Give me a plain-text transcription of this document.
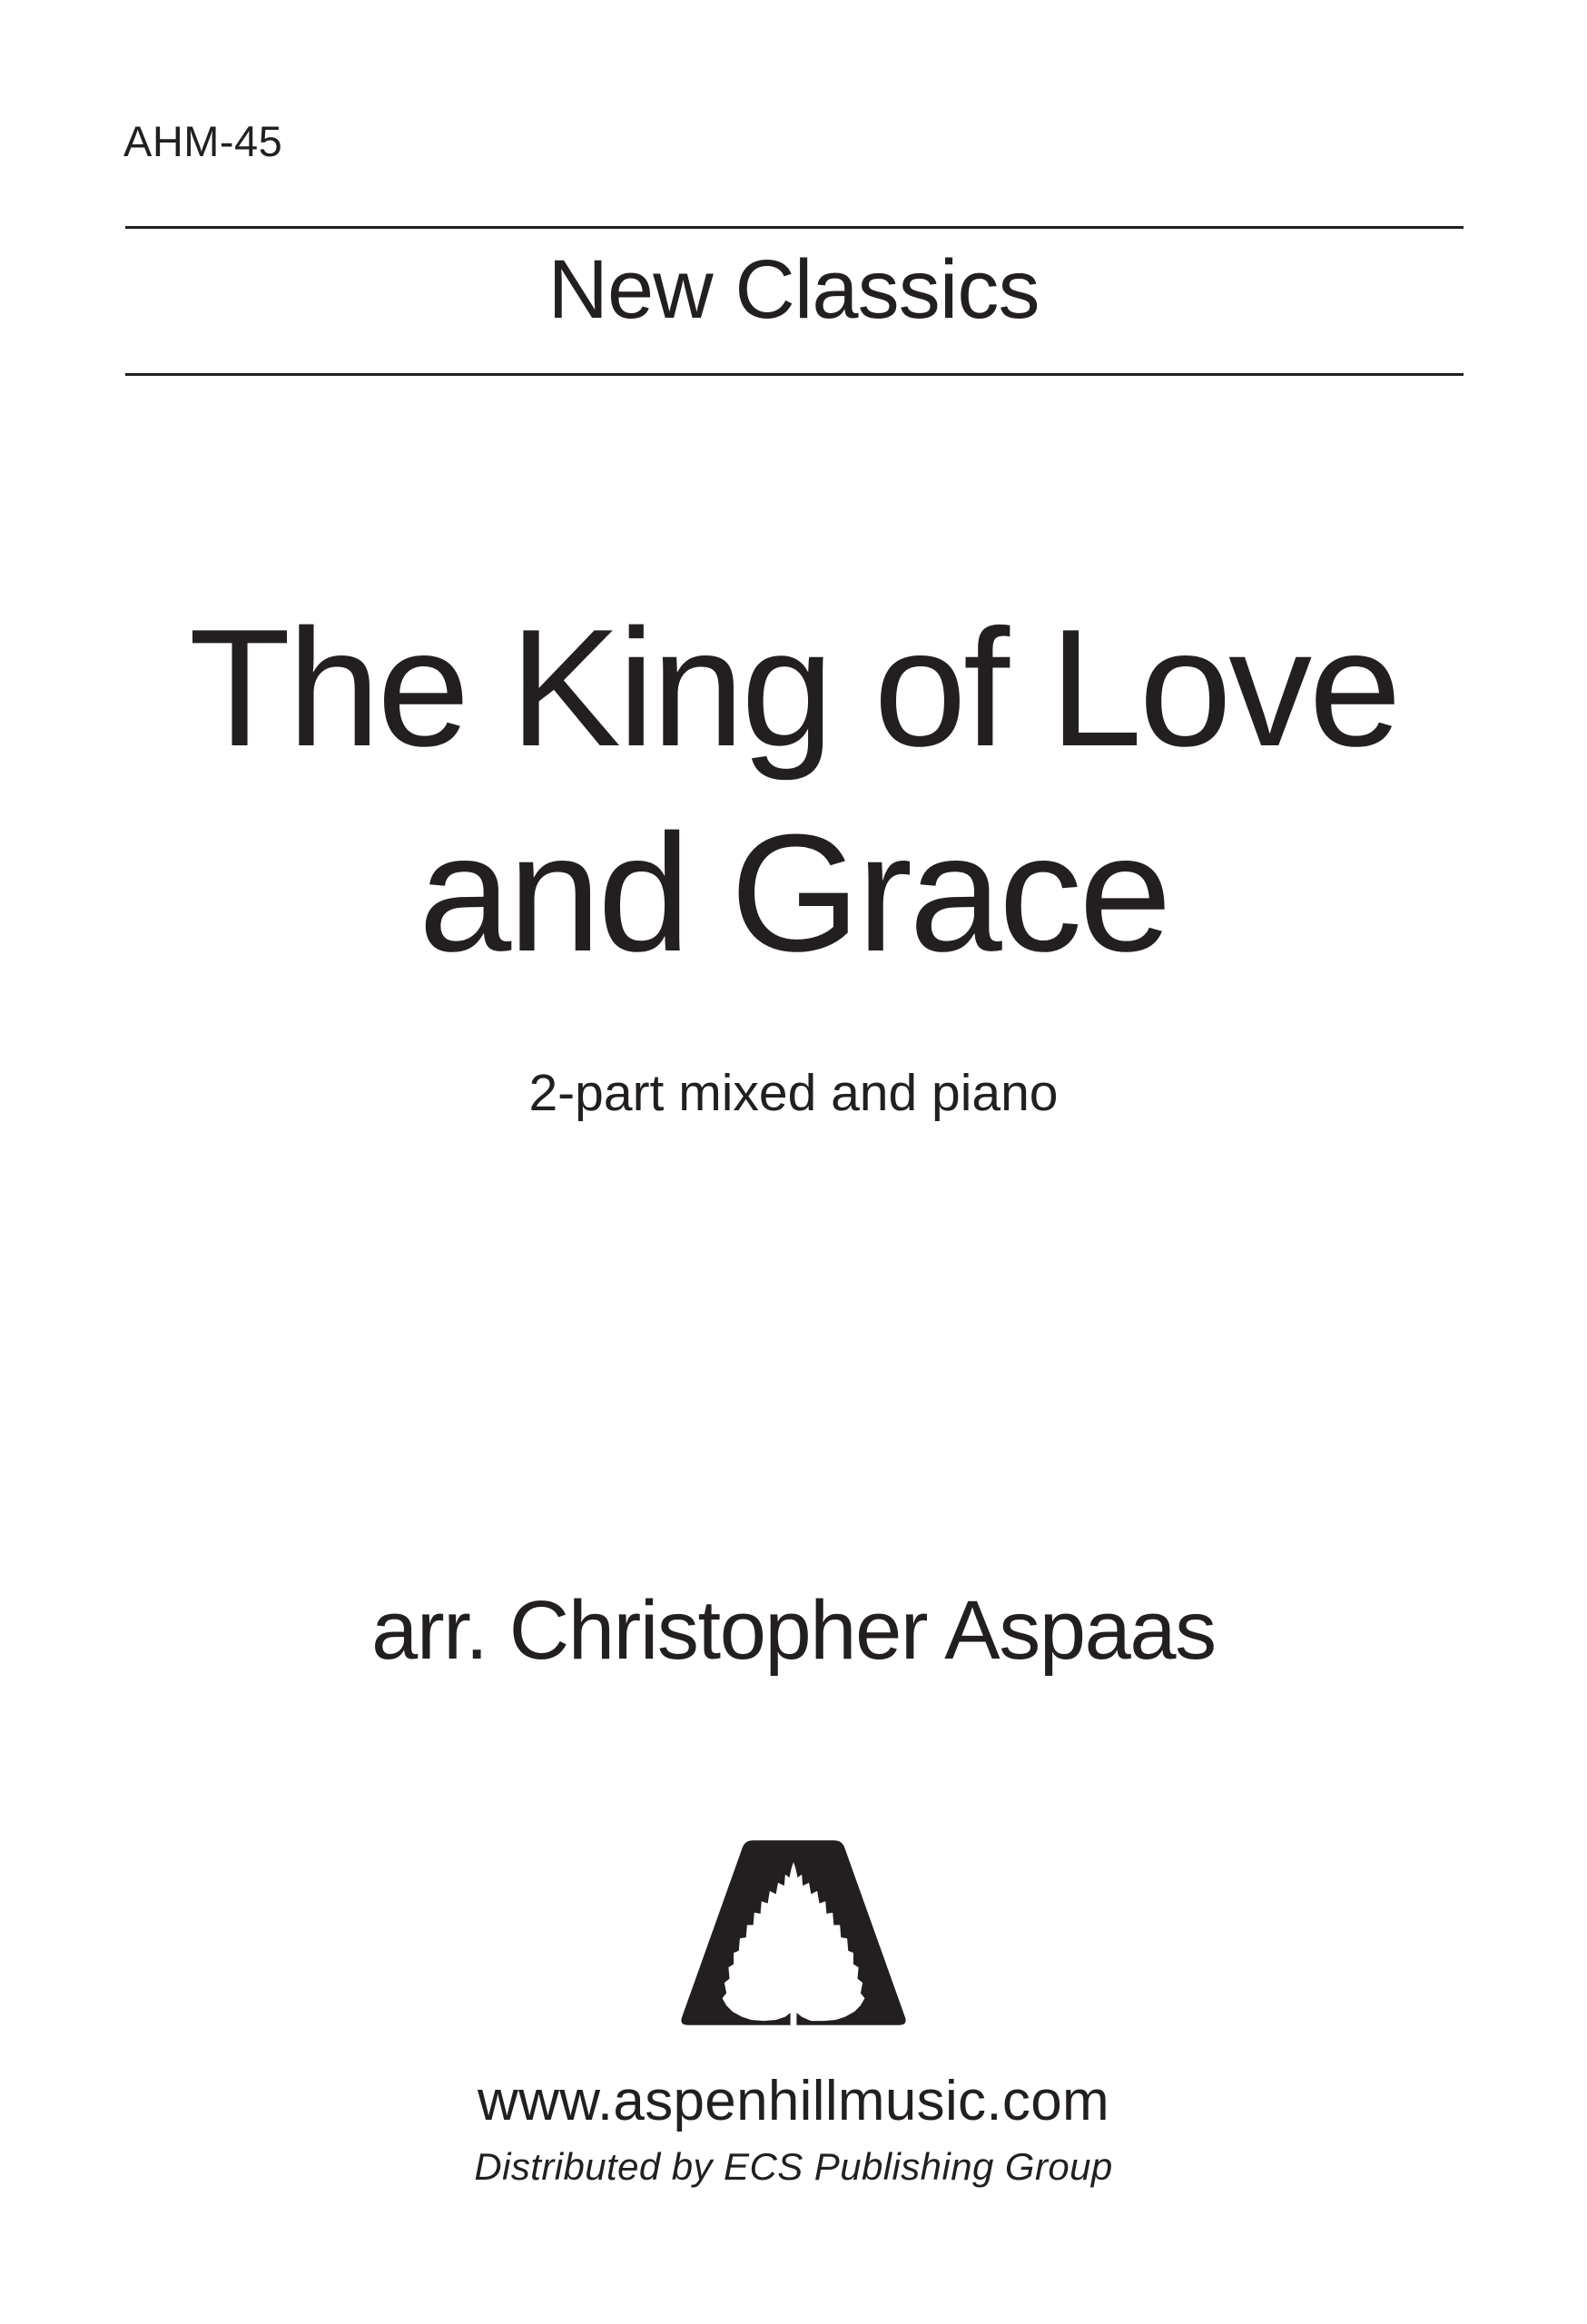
AHM-45
New Classics
The King of Love
and Grace
2-part mixed and piano
arr. Christopher Aspaas
www.aspenhillmusic.com
Distributed by ECS Publishing Group
